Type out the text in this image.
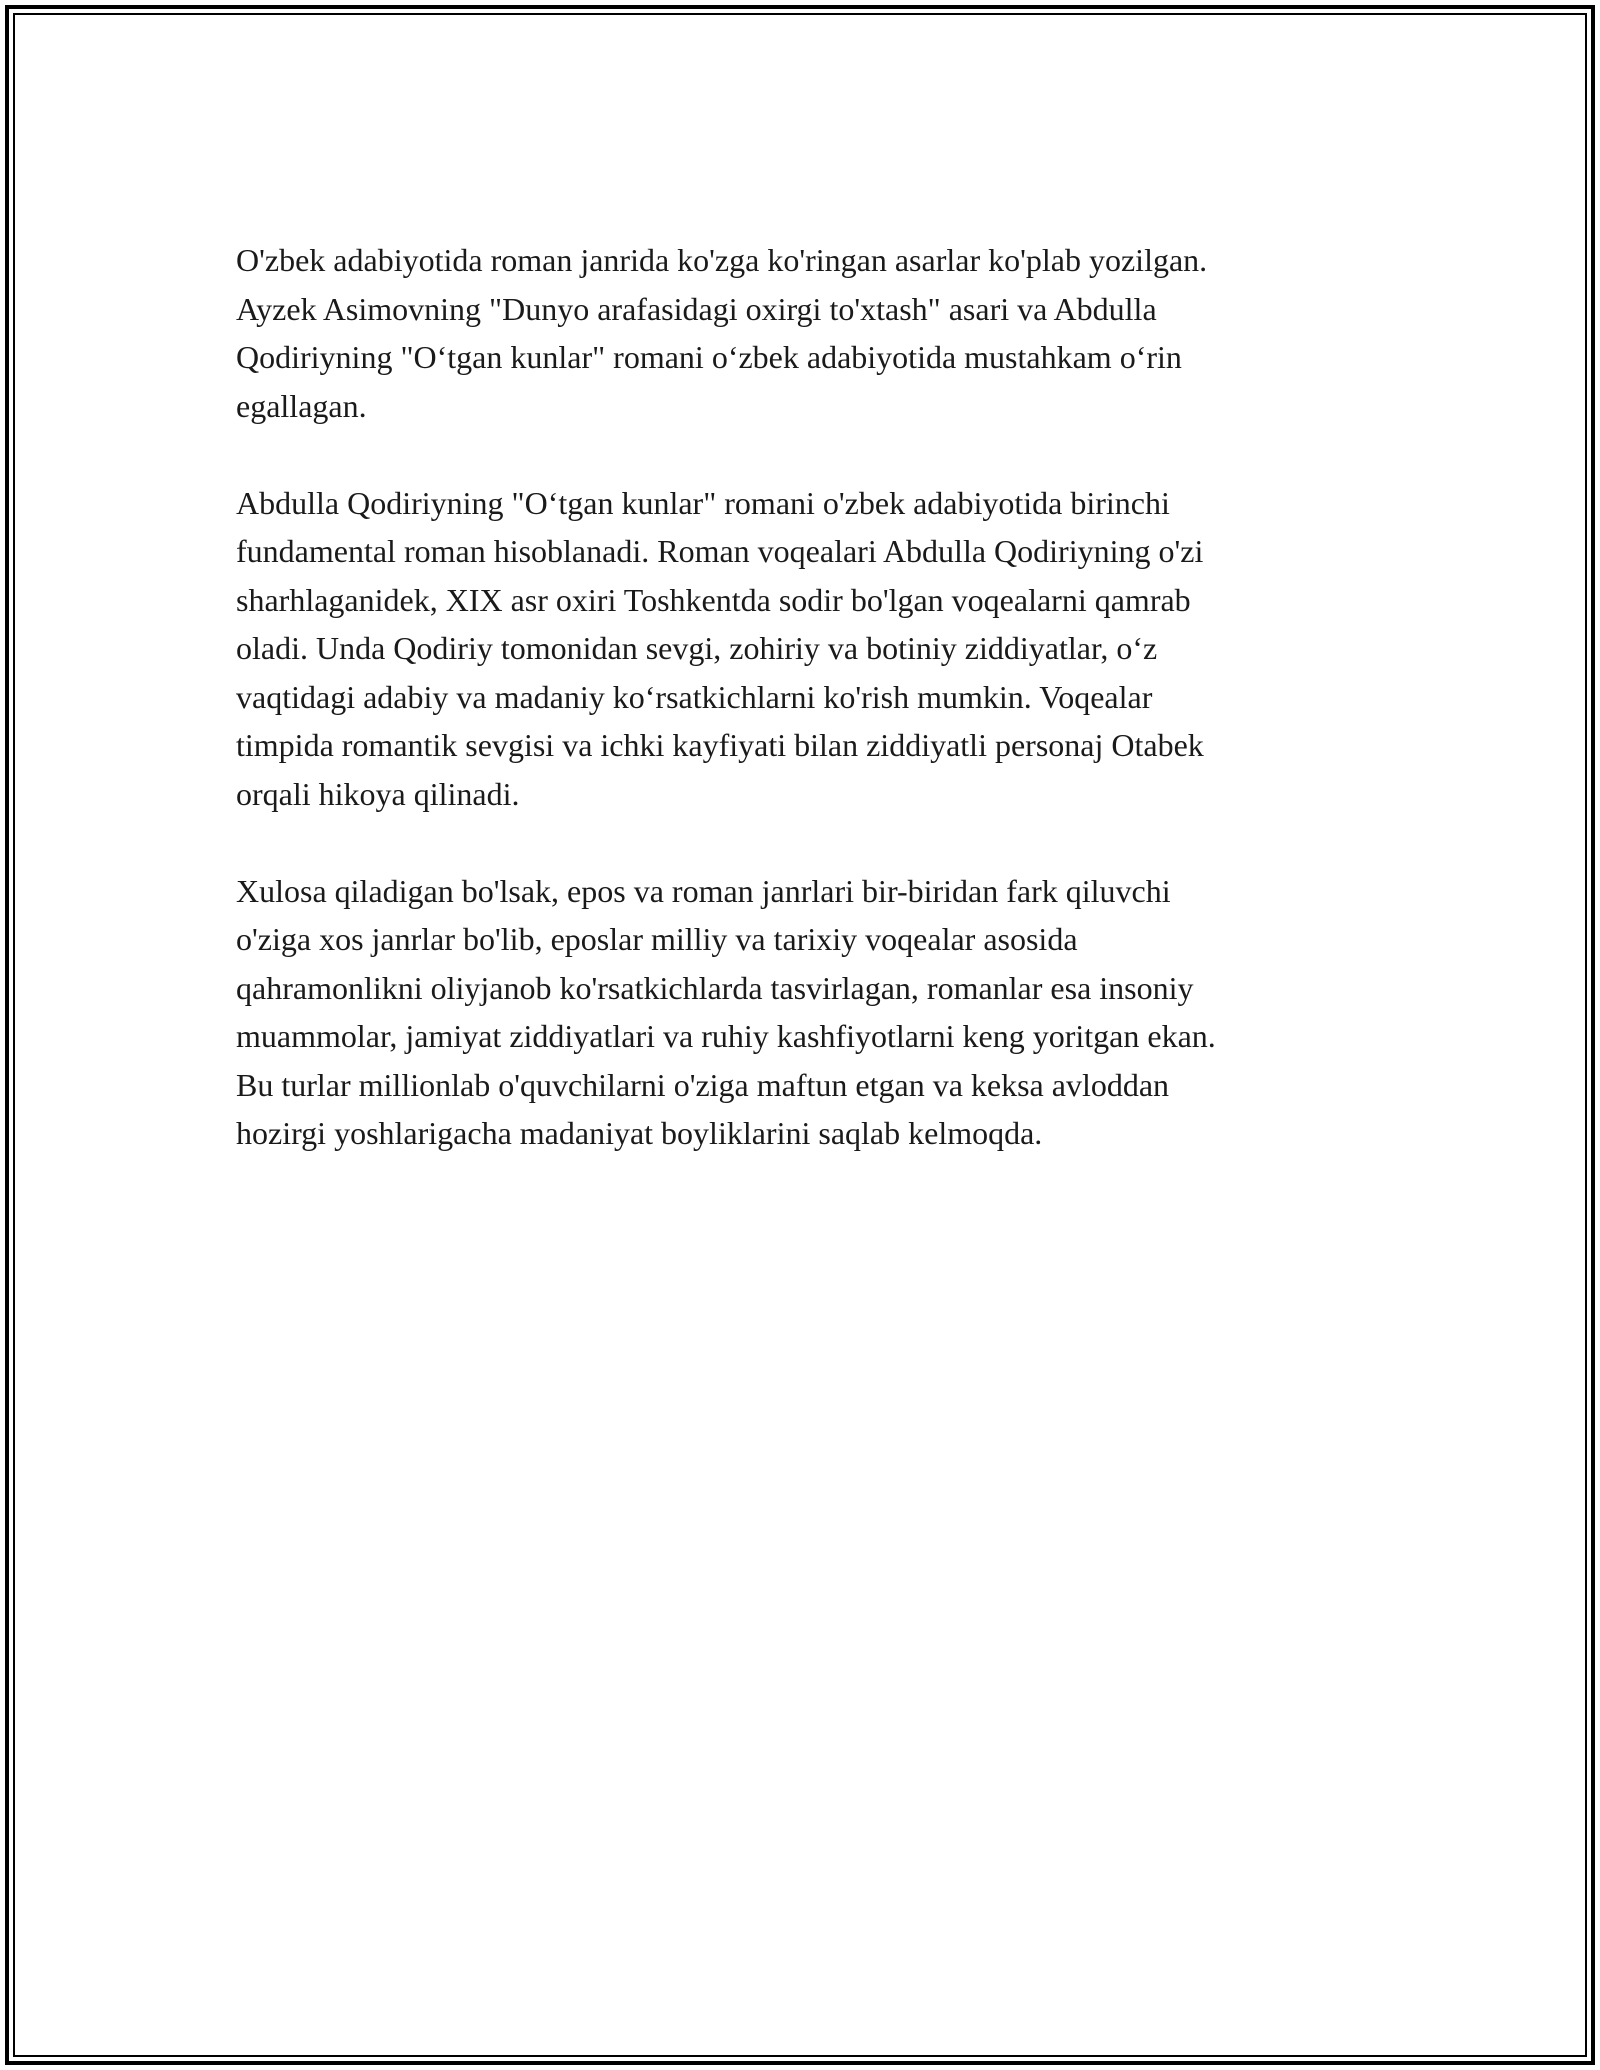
O'zbek adabiyotida roman janrida ko'zga ko'ringan asarlar ko'plab yozilgan.
Ayzek Asimovning "Dunyo arafasidagi oxirgi to'xtash" asari va Abdulla
Qodiriyning "O‘tgan kunlar" romani o‘zbek adabiyotida mustahkam o‘rin
egallagan.

Abdulla Qodiriyning "O‘tgan kunlar" romani o'zbek adabiyotida birinchi
fundamental roman hisoblanadi. Roman voqealari Abdulla Qodiriyning o'zi
sharhlaganidek, XIX asr oxiri Toshkentda sodir bo'lgan voqealarni qamrab
oladi. Unda Qodiriy tomonidan sevgi, zohiriy va botiniy ziddiyatlar, o‘z
vaqtidagi adabiy va madaniy ko‘rsatkichlarni ko'rish mumkin. Voqealar
timpida romantik sevgisi va ichki kayfiyati bilan ziddiyatli personaj Otabek
orqali hikoya qilinadi.

Xulosa qiladigan bo'lsak, epos va roman janrlari bir-biridan fark qiluvchi
o'ziga xos janrlar bo'lib, eposlar milliy va tarixiy voqealar asosida
qahramonlikni oliyjanob ko'rsatkichlarda tasvirlagan, romanlar esa insoniy
muammolar, jamiyat ziddiyatlari va ruhiy kashfiyotlarni keng yoritgan ekan.
Bu turlar millionlab o'quvchilarni o'ziga maftun etgan va keksa avloddan
hozirgi yoshlarigacha madaniyat boyliklarini saqlab kelmoqda.
